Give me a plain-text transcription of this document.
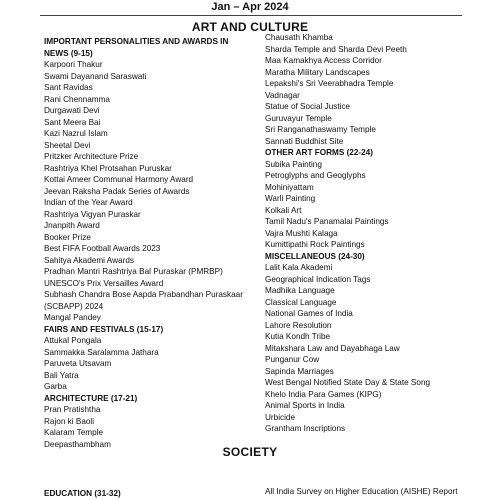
Jan – Apr 2024
ART AND CULTURE
IMPORTANT PERSONALITIES AND AWARDS IN NEWS (9-15)
Karpoori Thakur
Swami Dayanand Saraswati
Sant Ravidas
Rani Chennamma
Durgawati Devi
Sant Meera Bai
Kazi Nazrul Islam
Sheetal Devi
Pritzker Architecture Prize
Rashtriya Khel Protsahan Puruskar
Kottai Ameer Communal Harmony Award
Jeevan Raksha Padak Series of Awards
Indian of the Year Award
Rashtriya Vigyan Puraskar
Jnanpith Award
Booker Prize
Best FIFA Football Awards 2023
Sahitya Akademi Awards
Pradhan Mantri Rashtriya Bal Puraskar (PMRBP)
UNESCO's Prix Versailles Award
Subhash Chandra Bose Aapda Prabandhan Puraskaar (SCBAPP) 2024
Mangal Pandey
FAIRS AND FESTIVALS (15-17)
Attukal Pongala
Sammakka Saralamma Jathara
Paruveta Utsavam
Bali Yatra
Garba
ARCHITECTURE (17-21)
Pran Pratishtha
Rajon ki Baoli
Kalaram Temple
Deepasthambham
Chausath Khamba
Sharda Temple and Sharda Devi Peeth
Maa Kamakhya Access Corridor
Maratha Military Landscapes
Lepakshi's Sri Veerabhadra Temple
Vadnagar
Statue of Social Justice
Guruvayur Temple
Sri Ranganathaswamy Temple
Sannati Buddhist Site
OTHER ART FORMS (22-24)
Subika Painting
Petroglyphs and Geoglyphs
Mohiniyattam
Warli Painting
Kolkali Art
Tamil Nadu's Panamalai Paintings
Vajra Mushti Kalaga
Kumittipathi Rock Paintings
MISCELLANEOUS (24-30)
Lalit Kala Akademi
Geographical Indication Tags
Madhika Language
Classical Language
National Games of India
Lahore Resolution
Kutia Kondh Tribe
Mitakshara Law and Dayabhaga Law
Punganur Cow
Sapinda Marriages
West Bengal Notified State Day & State Song
Khelo India Para Games (KIPG)
Animal Sports in India
Urbicide
Grantham Inscriptions
SOCIETY
EDUCATION (31-32)	All India Survey on Higher Education (AISHE) Report
